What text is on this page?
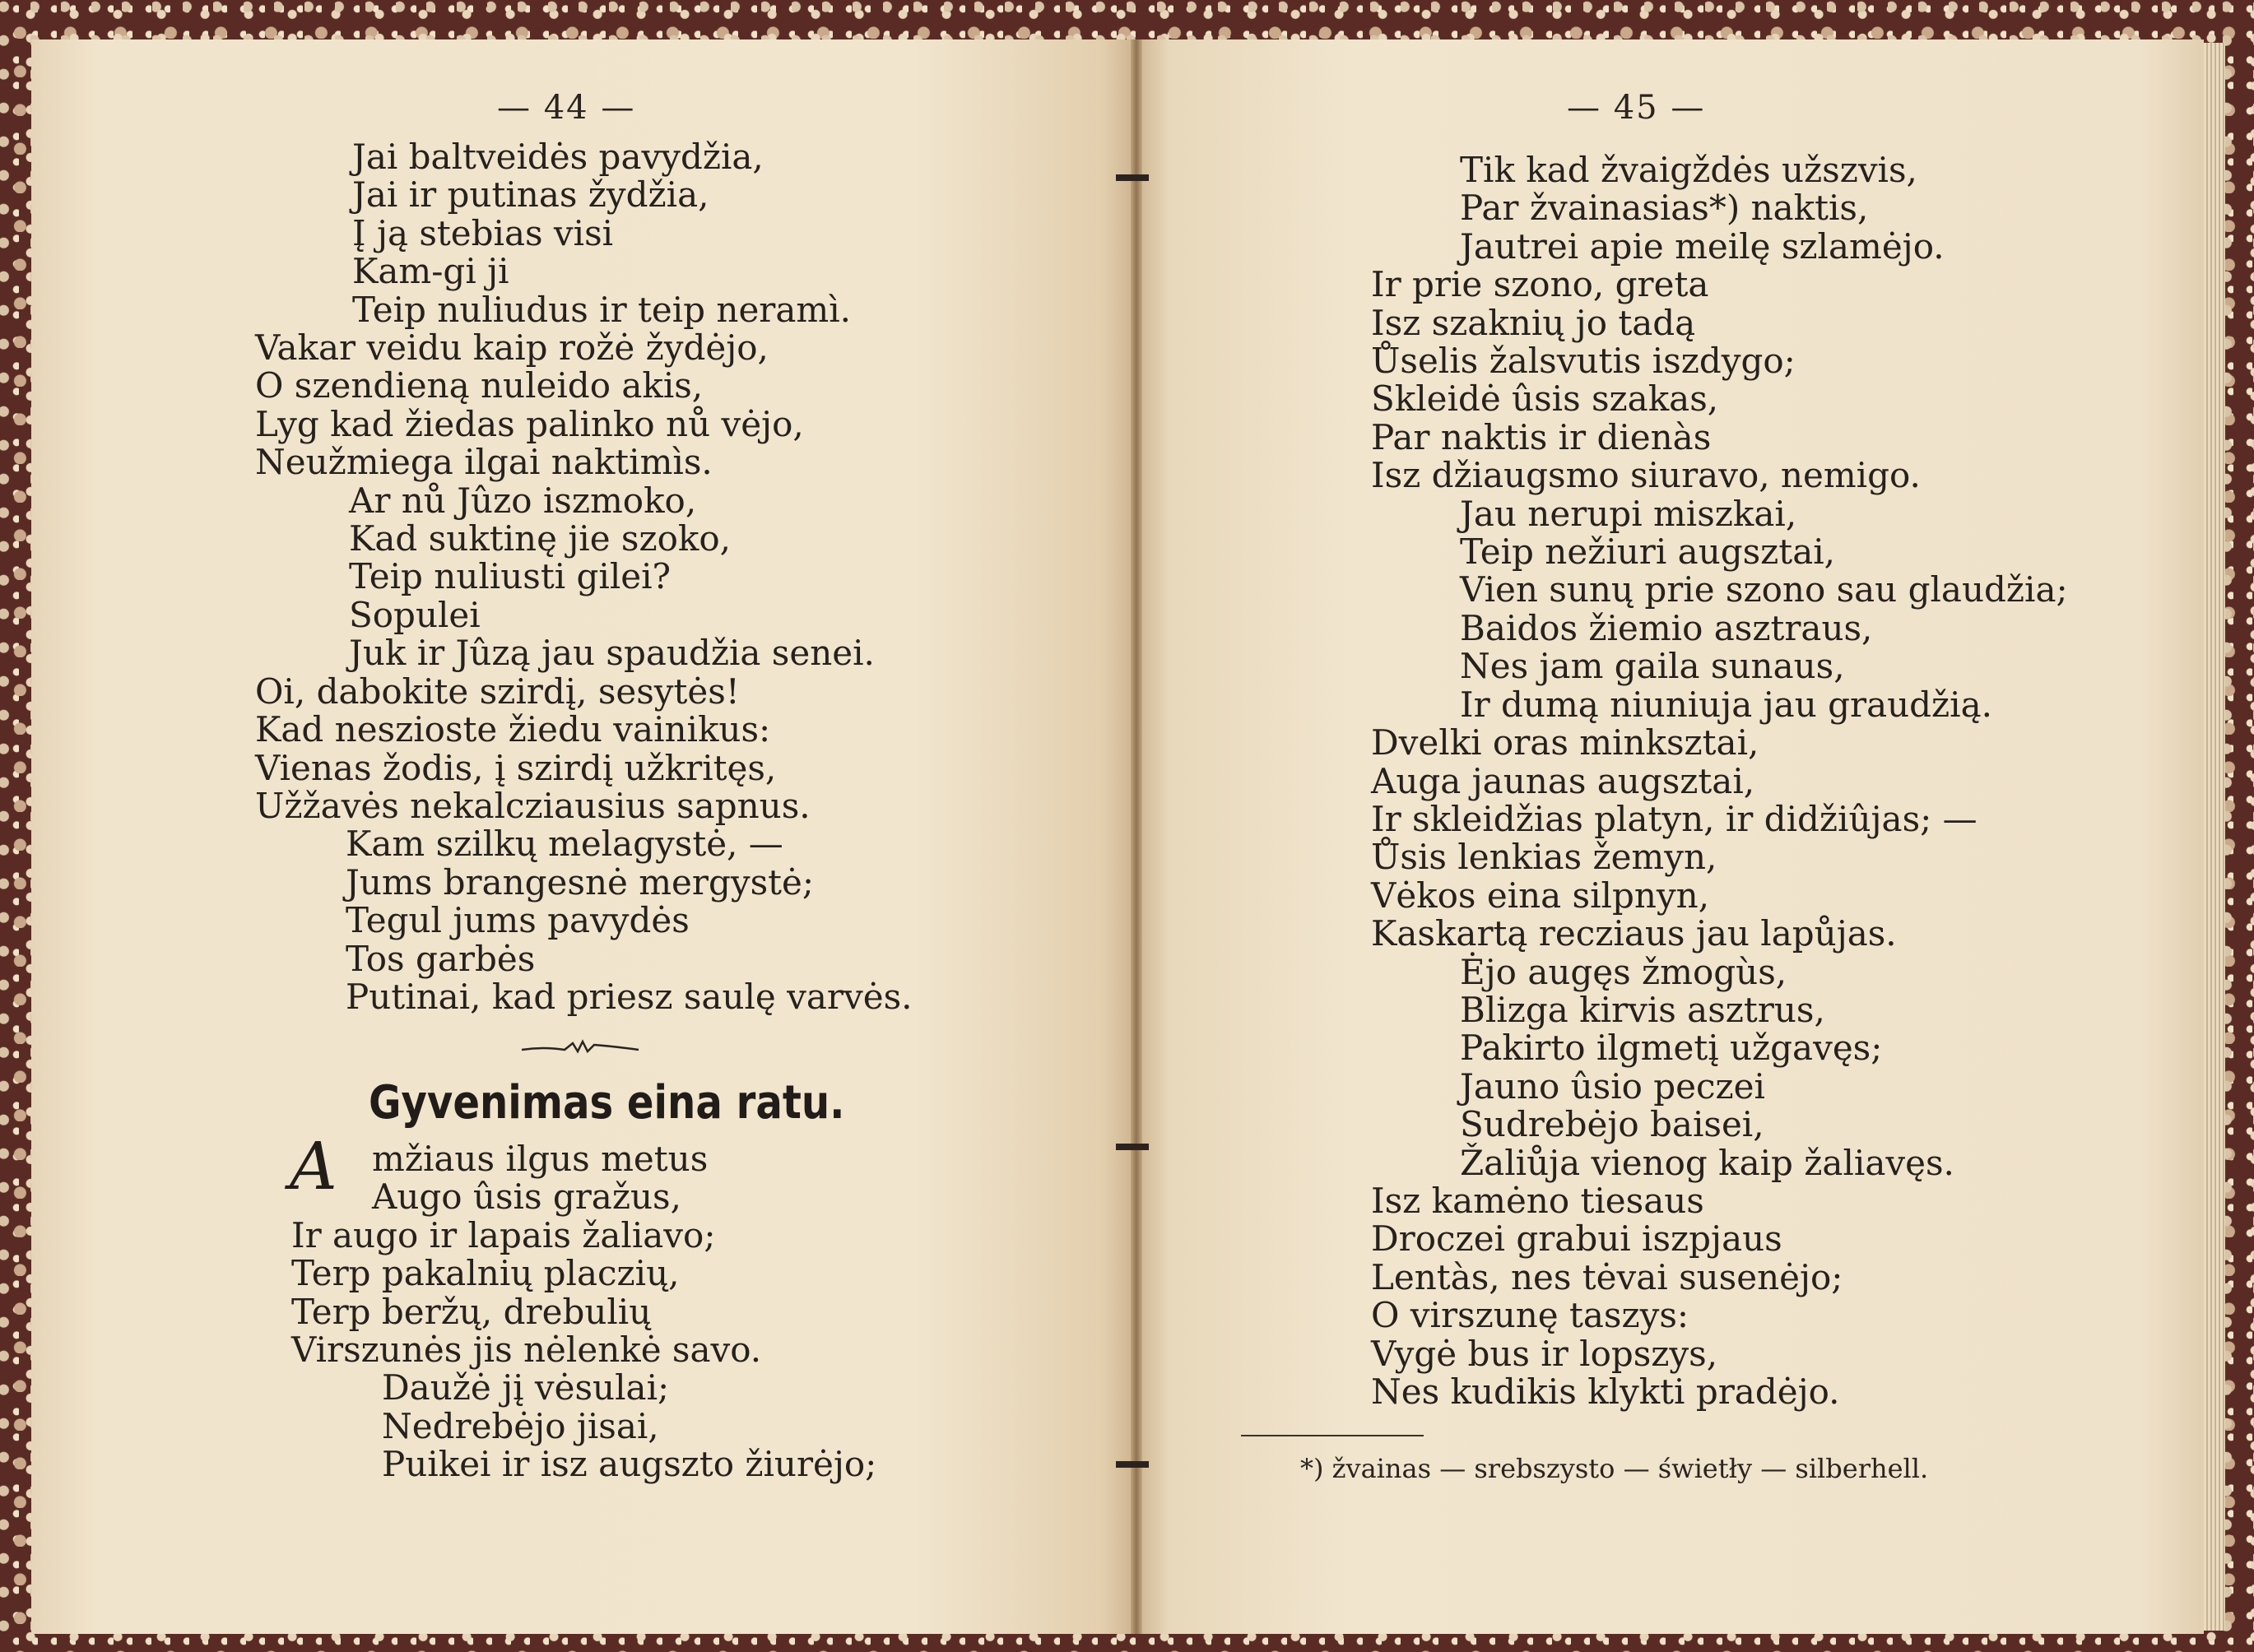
— 44 —
Jai baltveidės pavydžia,
Jai ir putinas žydžia,
Į ją stebias visi
Kam-gi ji
Teip nuliudus ir teip neramì.
Vakar veidu kaip rožė žydėjo,
O szendieną nuleido akis,
Lyg kad žiedas palinko nů vėjo,
Neužmiega ilgai naktimìs.
Ar nů Jûzo iszmoko,
Kad suktinę jie szoko,
Teip nuliusti gilei?
Sopulei
Juk ir Jûzą jau spaudžia senei.
Oi, dabokite szirdį, sesytės!
Kad neszioste žiedu vainikus:
Vienas žodis, į szirdį užkritęs,
Užžavės nekalcziausius sapnus.
Kam szilkų melagystė, —
Jums brangesnė mergystė;
Tegul jums pavydės
Tos garbės
Putinai, kad priesz saulę varvės.
Gyvenimas eina ratu.
A mžiaus ilgus metus
Augo ûsis gražus,
Ir augo ir lapais žaliavo;
Terp pakalnių placzių,
Terp beržų, drebulių
Virszunės jis nėlenkė savo.
Daužė jį vėsulai;
Nedrebėjo jisai,
Puikei ir isz augszto žiurėjo;
— 45 —
Tik kad žvaigždės užszvis,
Par žvainasias*) naktis,
Jautrei apie meilę szlamėjo.
Ir prie szono, greta
Isz szaknių jo tadą
Ůselis žalsvutis iszdygo;
Skleidė ûsis szakas,
Par naktis ir dienàs
Isz džiaugsmo siuravo, nemigo.
Jau nerupi miszkai,
Teip nežiuri augsztai,
Vien sunų prie szono sau glaudžia;
Baidos žiemio asztraus,
Nes jam gaila sunaus,
Ir dumą niuniuja jau graudžią.
Dvelki oras minksztai,
Auga jaunas augsztai,
Ir skleidžias platyn, ir didžiûjas; —
Ůsis lenkias žemyn,
Vėkos eina silpnyn,
Kaskartą recziaus jau lapůjas.
Ėjo augęs žmogùs,
Blizga kirvis asztrus,
Pakirto ilgmetį užgavęs;
Jauno ûsio peczei
Sudrebėjo baisei,
Žaliůja vienog kaip žaliavęs.
Isz kamėno tiesaus
Droczei grabui iszpjaus
Lentàs, nes tėvai susenėjo;
O virszunę taszys:
Vygė bus ir lopszys,
Nes kudikis klykti pradėjo.
*) žvainas — srebszysto — świetły — silberhell.
